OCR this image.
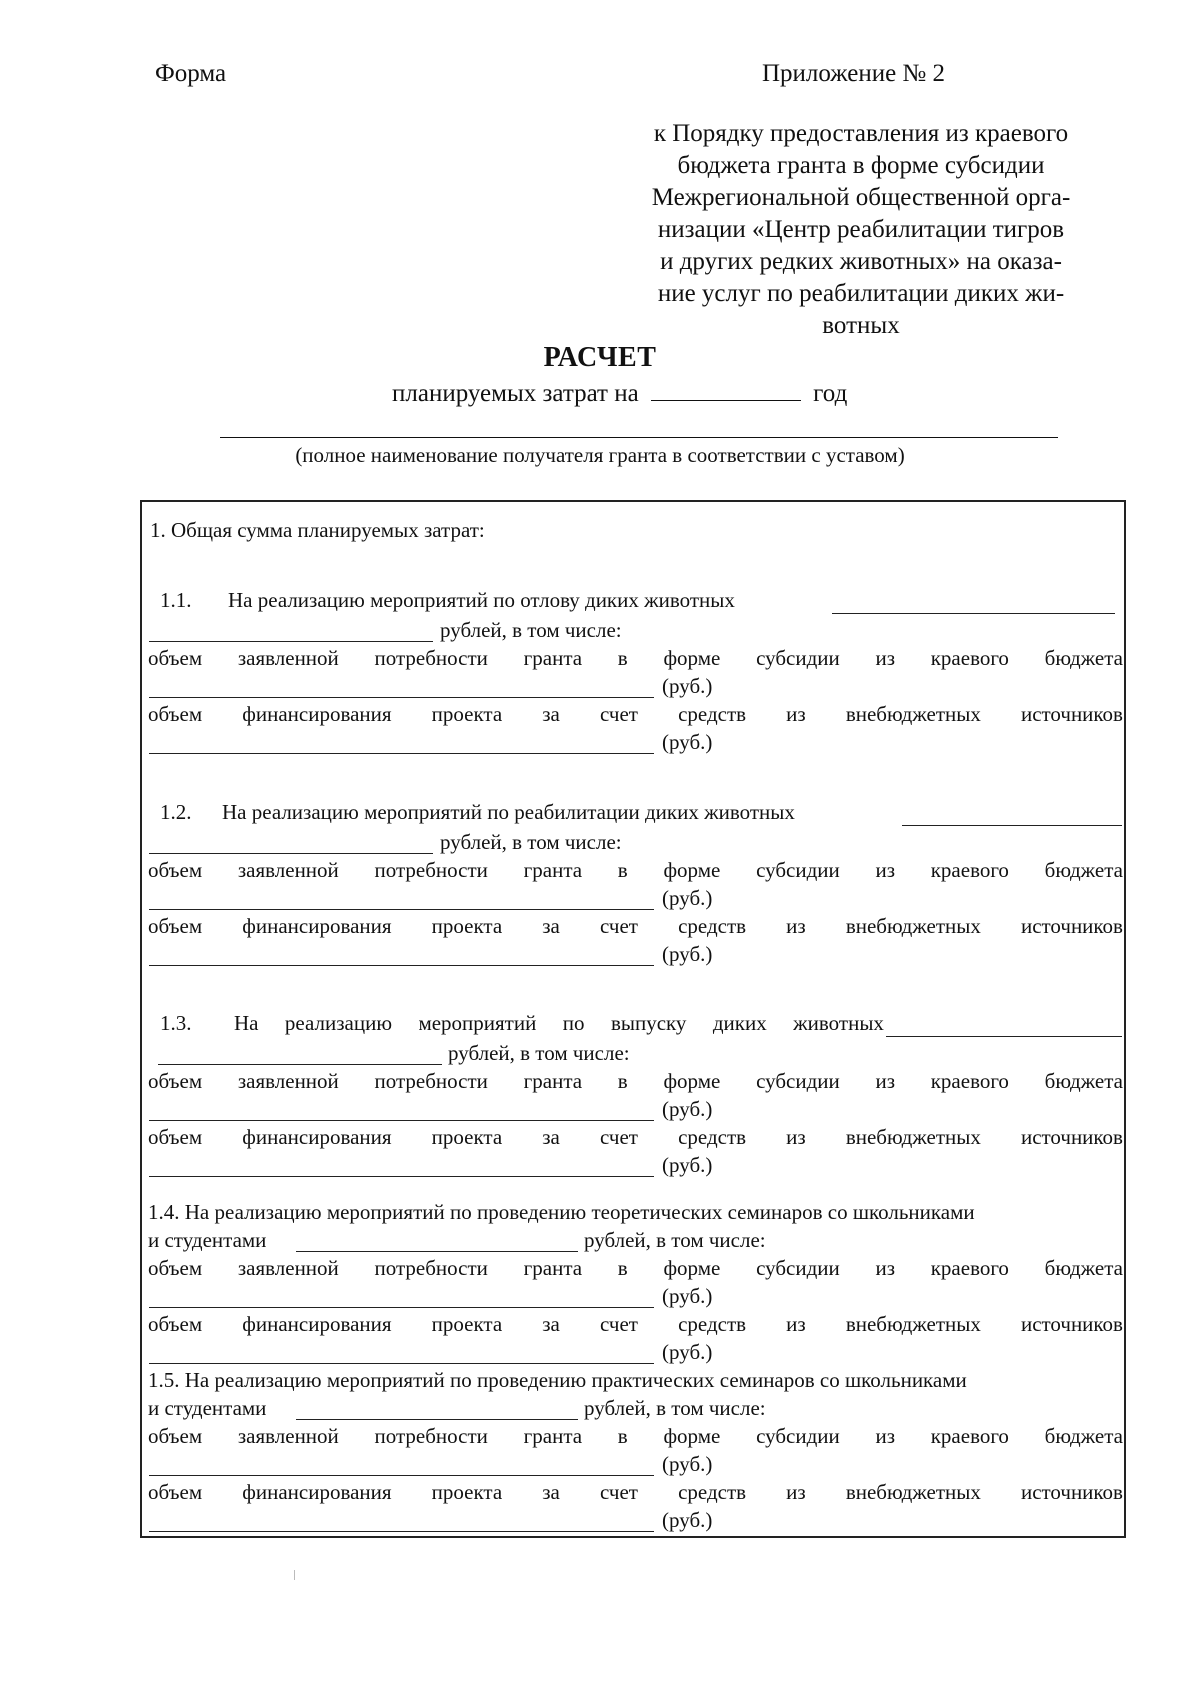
Форма	Приложение № 2
к Порядку предоставления из краевого
бюджета гранта в форме субсидии
Межрегиональной общественной орга-
низации «Центр реабилитации тигров
и других редких животных» на оказа-
ние услуг по реабилитации диких жи-
вотных
РАСЧЕТ
планируемых затрат на	год
(полное наименование получателя гранта в соответствии с уставом)
1. Общая сумма планируемых затрат:
1.1. На реализацию мероприятий по отлову диких животных
рублей, в том числе:
объем заявленной потребности гранта в форме субсидии из краевого бюджета
(руб.)
объем финансирования проекта за счет средств из внебюджетных источников
(руб.)
1.2. На реализацию мероприятий по реабилитации диких животных
рублей, в том числе:
объем заявленной потребности гранта в форме субсидии из краевого бюджета
(руб.)
объем финансирования проекта за счет средств из внебюджетных источников
(руб.)
1.3. На реализацию мероприятий по выпуску диких животных
рублей, в том числе:
объем заявленной потребности гранта в форме субсидии из краевого бюджета
(руб.)
объем финансирования проекта за счет средств из внебюджетных источников
(руб.)
1.4. На реализацию мероприятий по проведению теоретических семинаров со школьниками
и студентами	рублей, в том числе:
объем заявленной потребности гранта в форме субсидии из краевого бюджета
(руб.)
объем финансирования проекта за счет средств из внебюджетных источников
(руб.)
1.5. На реализацию мероприятий по проведению практических семинаров со школьниками
и студентами	рублей, в том числе:
объем заявленной потребности гранта в форме субсидии из краевого бюджета
(руб.)
объем финансирования проекта за счет средств из внебюджетных источников
(руб.)
